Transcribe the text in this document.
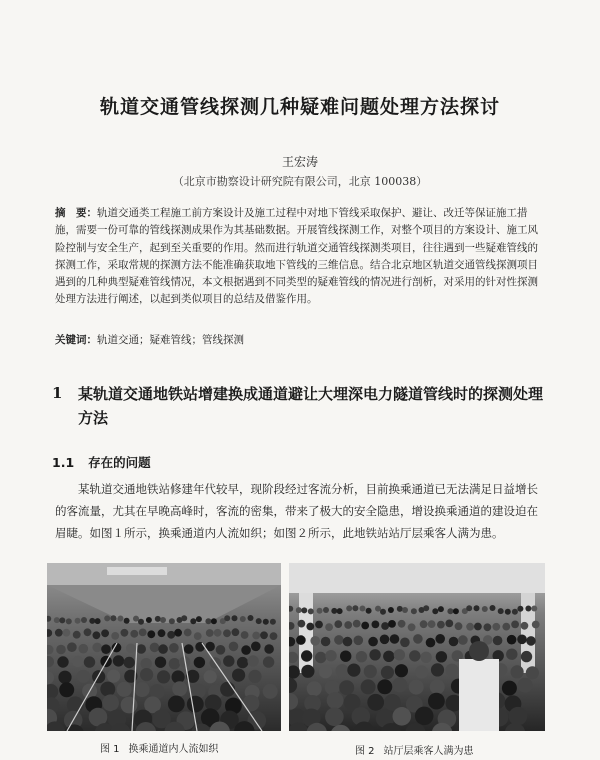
轨道交通管线探测几种疑难问题处理方法探讨
王宏涛
（北京市勘察设计研究院有限公司，北京 100038）
摘　要：轨道交通类工程施工前方案设计及施工过程中对地下管线采取保护、避让、改迁等保证施工措施，需要一份可靠的管线探测成果作为其基础数据。开展管线探测工作，对整个项目的方案设计、施工风险控制与安全生产，起到至关重要的作用。然而进行轨道交通管线探测类项目，往往遇到一些疑难管线的探测工作，采取常规的探测方法不能准确获取地下管线的三维信息。结合北京地区轨道交通管线探测项目遇到的几种典型疑难管线情况，本文根据遇到不同类型的疑难管线的情况进行剖析，对采用的针对性探测处理方法进行阐述，以起到类似项目的总结及借鉴作用。
关键词：轨道交通；疑难管线；管线探测
1 某轨道交通地铁站增建换成通道避让大埋深电力隧道管线时的探测处理方法
1.1 存在的问题
某轨道交通地铁站修建年代较早，现阶段经过客流分析，目前换乘通道已无法满足日益增长的客流量，尤其在早晚高峰时，客流的密集，带来了极大的安全隐患，增设换乘通道的建设迫在眉睫。如图１所示，换乘通道内人流如织；如图２所示，此地铁站站厅层乘客人满为患。
图 1 换乘通道内人流如织	图 2 站厅层乘客人满为患
